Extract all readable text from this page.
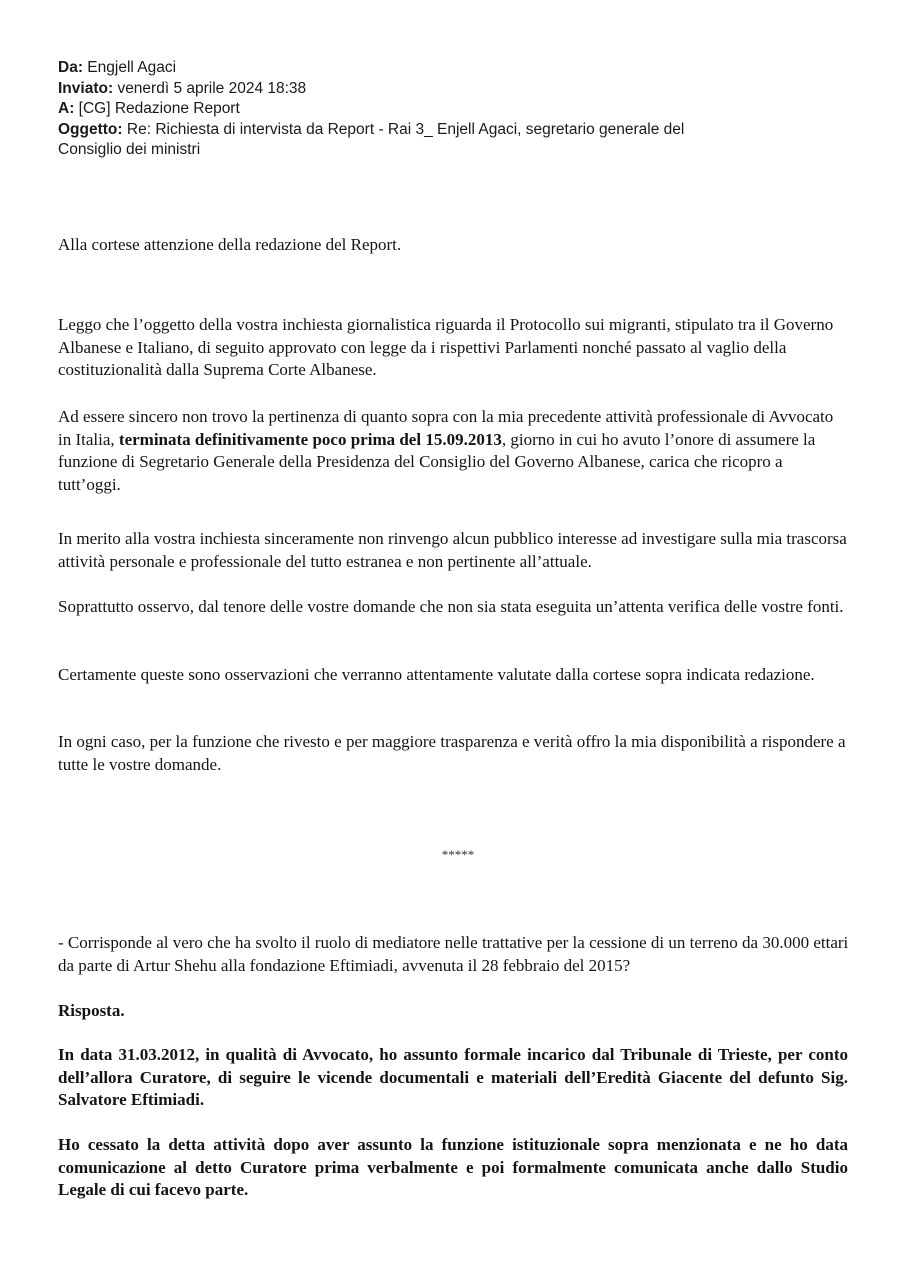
Da: Engjell Agaci

Inviato: venerdì 5 aprile 2024 18:38

A: [CG] Redazione Report

Oggetto: Re: Richiesta di intervista da Report - Rai 3_ Enjell Agaci, segretario generale del

Consiglio dei ministri

Alla cortese attenzione della redazione del Report.

Leggo che l’oggetto della vostra inchiesta giornalistica riguarda il Protocollo sui migranti, stipulato tra il Governo Albanese e Italiano, di seguito approvato con legge da i rispettivi Parlamenti nonché passato al vaglio della costituzionalità dalla Suprema Corte Albanese.

Ad essere sincero non trovo la pertinenza di quanto sopra con la mia precedente attività professionale di Avvocato in Italia, terminata definitivamente poco prima del 15.09.2013, giorno in cui ho avuto l’onore di assumere la funzione di Segretario Generale della Presidenza del Consiglio del Governo Albanese, carica che ricopro a tutt’oggi.

In merito alla vostra inchiesta sinceramente non rinvengo alcun pubblico interesse ad investigare sulla mia trascorsa attività personale e professionale del tutto estranea e non pertinente all’attuale.

Soprattutto osservo, dal tenore delle vostre domande che non sia stata eseguita un’attenta verifica delle vostre fonti.

Certamente queste sono osservazioni che verranno attentamente valutate dalla cortese sopra indicata redazione.

In ogni caso, per la funzione che rivesto e per maggiore trasparenza e verità offro la mia disponibilità a rispondere a tutte le vostre domande.

*****

- Corrisponde al vero che ha svolto il ruolo di mediatore nelle trattative per la cessione di un terreno da 30.000 ettari da parte di Artur Shehu alla fondazione Eftimiadi, avvenuta il 28 febbraio del 2015?

Risposta.

In data 31.03.2012, in qualità di Avvocato, ho assunto formale incarico dal Tribunale di Trieste, per conto dell’allora Curatore, di seguire le vicende documentali e materiali dell’Eredità Giacente del defunto Sig. Salvatore Eftimiadi.

Ho cessato la detta attività dopo aver assunto la funzione istituzionale sopra menzionata e ne ho data comunicazione al detto Curatore prima verbalmente e poi formalmente comunicata anche dallo Studio Legale di cui facevo parte.
